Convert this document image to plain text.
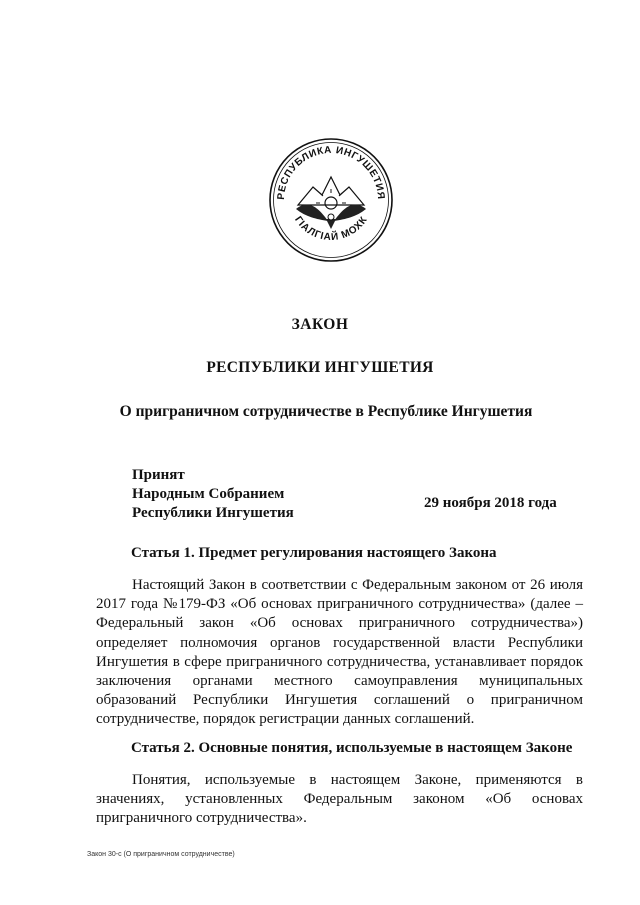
РЕСПУБЛИКА ИНГУШЕТИЯ
ГIАЛГIАЙ МОХК
ЗАКОН
РЕСПУБЛИКИ ИНГУШЕТИЯ
О приграничном сотрудничестве в Республике Ингушетия
Принят
Народным Собранием
Республики Ингушетия
29 ноября 2018 года
Статья 1. Предмет регулирования настоящего Закона
Настоящий Закон в соответствии с Федеральным законом от 26 июля 2017 года №179-ФЗ «Об основах приграничного сотрудничества» (далее – Федеральный закон «Об основах приграничного сотрудничества») определяет полномочия органов государственной власти Республики Ингушетия в сфере приграничного сотрудничества, устанавливает порядок заключения органами местного самоуправления муниципальных образований Республики Ингушетия соглашений о приграничном сотрудничестве, порядок регистрации данных соглашений.
Статья 2. Основные понятия, используемые в настоящем Законе
Понятия, используемые в настоящем Законе, применяются в значениях, установленных Федеральным законом «Об основах приграничного сотрудничества».
Закон 30-с (О приграничном сотрудничестве)
